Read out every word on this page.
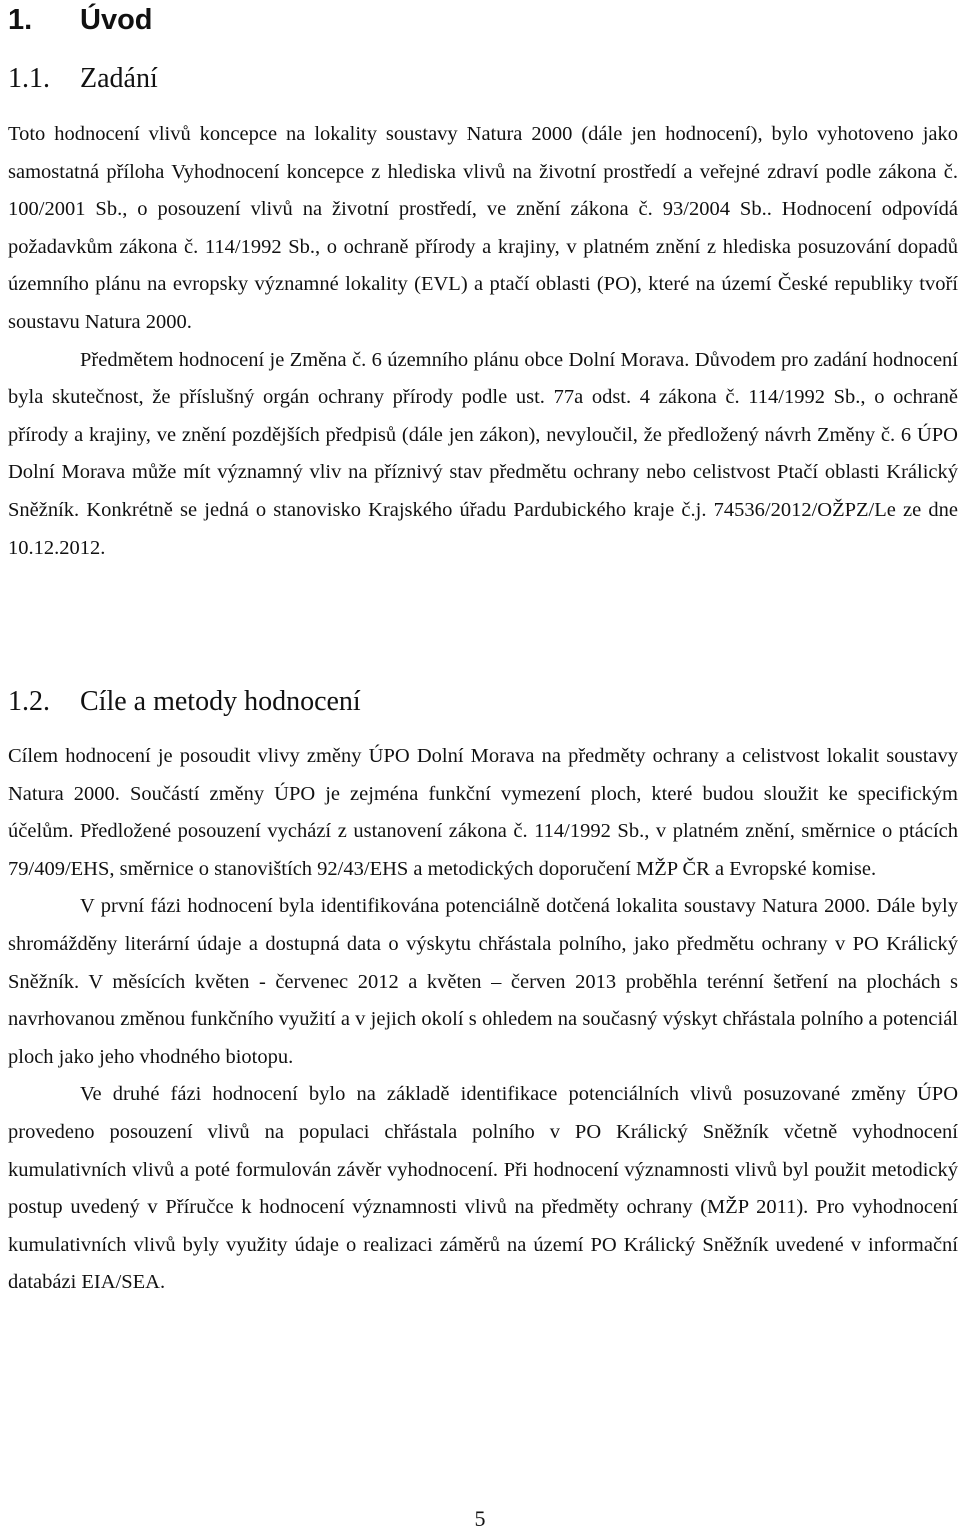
1. Úvod
1.1. Zadání

Toto hodnocení vlivů koncepce na lokality soustavy Natura 2000 (dále jen hodnocení), bylo vyhotoveno jako samostatná příloha Vyhodnocení koncepce z hlediska vlivů na životní prostředí a veřejné zdraví podle zákona č. 100/2001 Sb., o posouzení vlivů na životní prostředí, ve znění zákona č. 93/2004 Sb.. Hodnocení odpovídá požadavkům zákona č. 114/1992 Sb., o ochraně přírody a krajiny, v platném znění z hlediska posuzování dopadů územního plánu na evropsky významné lokality (EVL) a ptačí oblasti (PO), které na území České republiky tvoří soustavu Natura 2000.

Předmětem hodnocení je Změna č. 6 územního plánu obce Dolní Morava. Důvodem pro zadání hodnocení byla skutečnost, že příslušný orgán ochrany přírody podle ust. 77a odst. 4 zákona č. 114/1992 Sb., o ochraně přírody a krajiny, ve znění pozdějších předpisů (dále jen zákon), nevyloučil, že předložený návrh Změny č. 6 ÚPO Dolní Morava může mít významný vliv na příznivý stav předmětu ochrany nebo celistvost Ptačí oblasti Králický Sněžník. Konkrétně se jedná o stanovisko Krajského úřadu Pardubického kraje č.j. 74536/2012/OŽPZ/Le ze dne 10.12.2012.

1.2. Cíle a metody hodnocení

Cílem hodnocení je posoudit vlivy změny ÚPO Dolní Morava na předměty ochrany a celistvost lokalit soustavy Natura 2000. Součástí změny ÚPO je zejména funkční vymezení ploch, které budou sloužit ke specifickým účelům. Předložené posouzení vychází z ustanovení zákona č. 114/1992 Sb., v platném znění, směrnice o ptácích 79/409/EHS, směrnice o stanovištích 92/43/EHS a metodických doporučení MŽP ČR a Evropské komise.

V první fázi hodnocení byla identifikována potenciálně dotčená lokalita soustavy Natura 2000. Dále byly shromážděny literární údaje a dostupná data o výskytu chřástala polního, jako předmětu ochrany v PO Králický Sněžník. V měsících květen - červenec 2012 a květen – červen 2013 proběhla terénní šetření na plochách s navrhovanou změnou funkčního využití a v jejich okolí s ohledem na současný výskyt chřástala polního a potenciál ploch jako jeho vhodného biotopu.

Ve druhé fázi hodnocení bylo na základě identifikace potenciálních vlivů posuzované změny ÚPO provedeno posouzení vlivů na populaci chřástala polního v PO Králický Sněžník včetně vyhodnocení kumulativních vlivů a poté formulován závěr vyhodnocení. Při hodnocení významnosti vlivů byl použit metodický postup uvedený v Příručce k hodnocení významnosti vlivů na předměty ochrany (MŽP 2011). Pro vyhodnocení kumulativních vlivů byly využity údaje o realizaci záměrů na území PO Králický Sněžník uvedené v informační databázi EIA/SEA.

5
